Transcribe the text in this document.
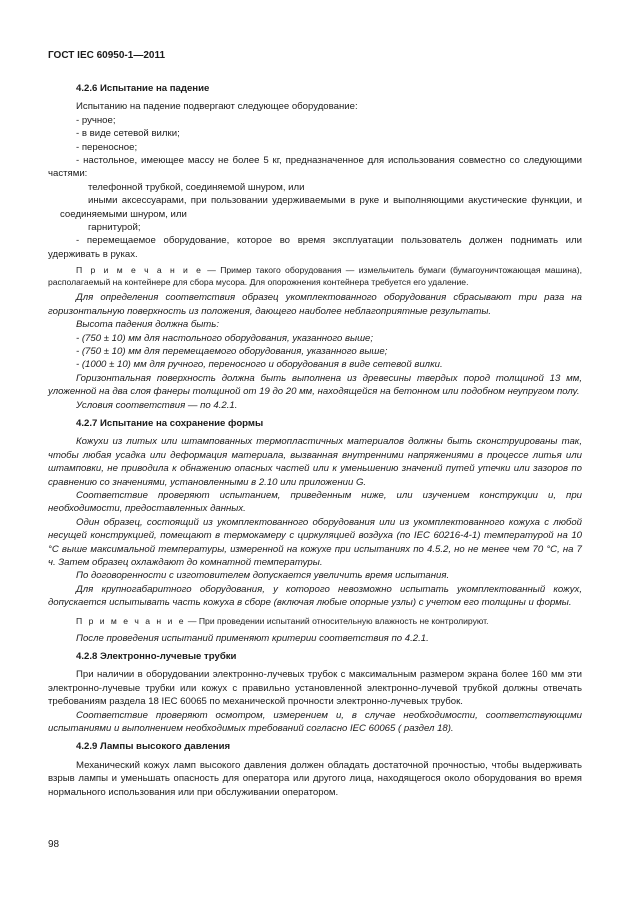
ГОСТ IEC 60950-1—2011
4.2.6 Испытание на падение

Испытанию на падение подвергают следующее оборудование:

- ручное;

- в виде сетевой вилки;

- переносное;

- настольное, имеющее массу не более 5 кг, предназначенное для использования совместно со следующими частями:

телефонной трубкой, соединяемой шнуром, или

иными аксессуарами, при пользовании удерживаемыми в руке и выполняющими акустические функции, и соединяемыми шнуром, или

гарнитурой;

- перемещаемое оборудование, которое во время эксплуатации пользователь должен поднимать или удерживать в руках.

П р и м е ч а н и е — Пример такого оборудования — измельчитель бумаги (бумагоуничтожающая машина), располагаемый на контейнере для сбора мусора. Для опорожнения контейнера требуется его удаление.

Для определения соответствия образец укомплектованного оборудования сбрасывают три раза на горизонтальную поверхность из положения, дающего наиболее неблагоприятные результаты.

Высота падения должна быть:

- (750 ± 10) мм для настольного оборудования, указанного выше;

- (750 ± 10) мм для перемещаемого оборудования, указанного выше;

- (1000 ± 10) мм для ручного, переносного и оборудования в виде сетевой вилки.

Горизонтальная поверхность должна быть выполнена из древесины твердых пород толщиной 13 мм, уложенной на два слоя фанеры толщиной от 19 до 20 мм, находящейся на бетонном или подобном неупругом полу.

Условия соответствия — по 4.2.1.

4.2.7 Испытание на сохранение формы

Кожухи из литых или штампованных термопластичных материалов должны быть сконструированы так, чтобы любая усадка или деформация материала, вызванная внутренними напряжениями в процессе литья или штамповки, не приводила к обнажению опасных частей или к уменьшению значений путей утечки или зазоров по сравнению со значениями, установленными в 2.10 или приложении G.

Соответствие проверяют испытанием, приведенным ниже, или изучением конструкции и, при необходимости, предоставленных данных.

Один образец, состоящий из укомплектованного оборудования или из укомплектованного кожуха с любой несущей конструкцией, помещают в термокамеру с циркуляцией воздуха (по IEC 60216-4-1) температурой на 10 °C выше максимальной температуры, измеренной на кожухе при испытаниях по 4.5.2, но не менее чем 70 °C, на 7 ч. Затем образец охлаждают до комнатной температуры.

По договоренности с изготовителем допускается увеличить время испытания.

Для крупногабаритного оборудования, у которого невозможно испытать укомплектованный кожух, допускается испытывать часть кожуха в сборе (включая любые опорные узлы) с учетом его толщины и формы.

П р и м е ч а н и е — При проведении испытаний относительную влажность не контролируют.

После проведения испытаний применяют критерии соответствия по 4.2.1.

4.2.8 Электронно-лучевые трубки

При наличии в оборудовании электронно-лучевых трубок с максимальным размером экрана более 160 мм эти электронно-лучевые трубки или кожух с правильно установленной электронно-лучевой трубкой должны отвечать требованиям раздела 18 IEC 60065 по механической прочности электронно-лучевых трубок.

Соответствие проверяют осмотром, измерением и, в случае необходимости, соответствующими испытаниями и выполнением необходимых требований согласно IEC 60065 ( раздел 18).

4.2.9 Лампы высокого давления

Механический кожух ламп высокого давления должен обладать достаточной прочностью, чтобы выдерживать взрыв лампы и уменьшать опасность для оператора или другого лица, находящегося около оборудования во время нормального использования или при обслуживании оператором.

98
